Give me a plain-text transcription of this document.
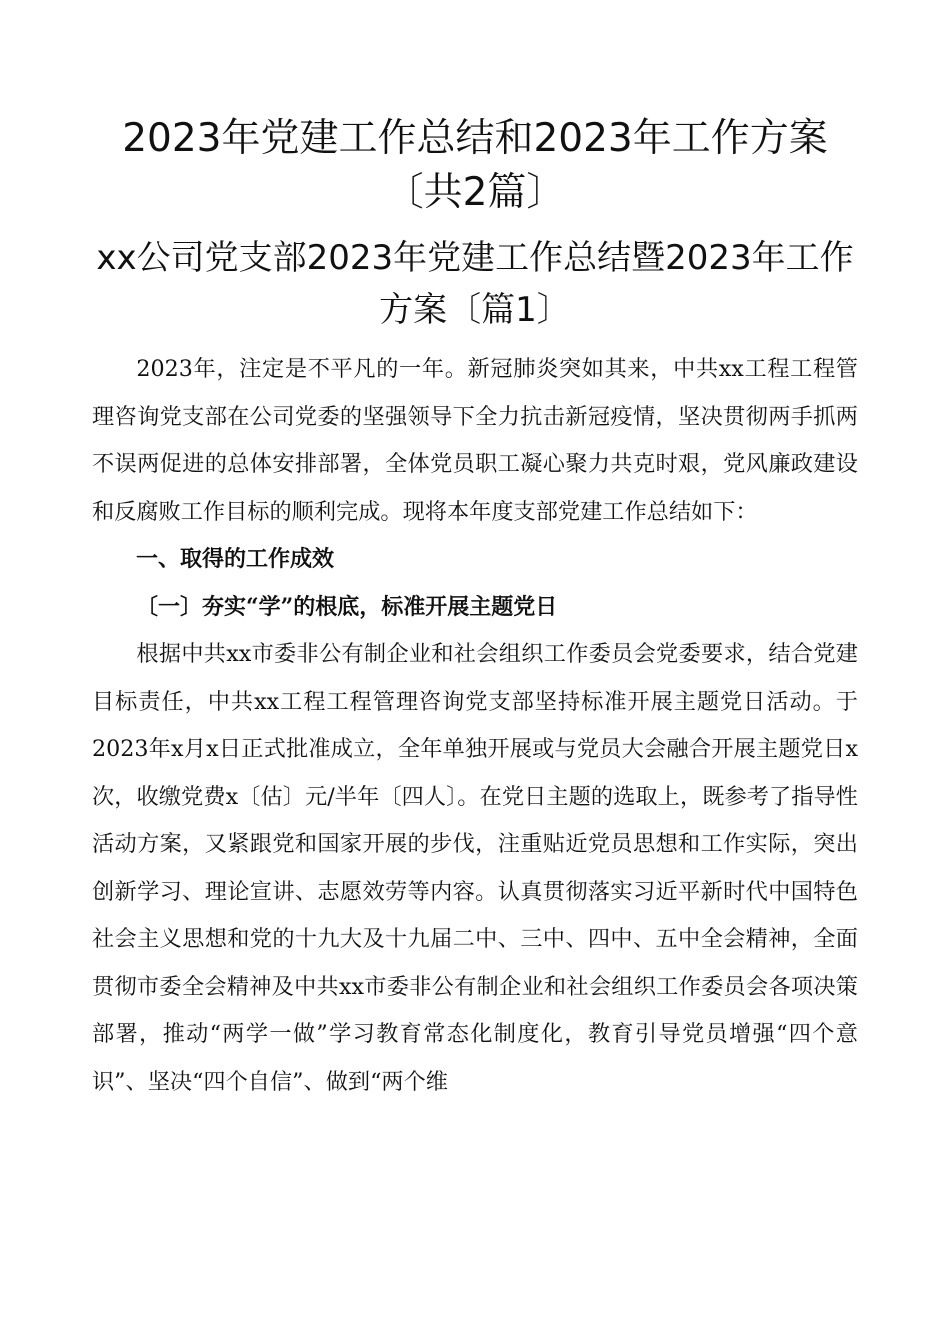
2023年党建工作总结和2023年工作方案〔共2篇〕
xx公司党支部2023年党建工作总结暨2023年工作方案〔篇1〕

2023年，注定是不平凡的一年。新冠肺炎突如其来，中共xx工程工程管理咨询党支部在公司党委的坚强领导下全力抗击新冠疫情，坚决贯彻两手抓两不误两促进的总体安排部署，全体党员职工凝心聚力共克时艰，党风廉政建设和反腐败工作目标的顺利完成。现将本年度支部党建工作总结如下：

一、取得的工作成效

〔一〕夯实“学”的根底，标准开展主题党日

根据中共xx市委非公有制企业和社会组织工作委员会党委要求，结合党建目标责任，中共xx工程工程管理咨询党支部坚持标准开展主题党日活动。于2023年x月x日正式批准成立，全年单独开展或与党员大会融合开展主题党日x次，收缴党费x〔估〕元/半年〔四人〕。在党日主题的选取上，既参考了指导性活动方案，又紧跟党和国家开展的步伐，注重贴近党员思想和工作实际，突出创新学习、理论宣讲、志愿效劳等内容。认真贯彻落实习近平新时代中国特色社会主义思想和党的十九大及十九届二中、三中、四中、五中全会精神，全面贯彻市委全会精神及中共xx市委非公有制企业和社会组织工作委员会各项决策部署，推动“两学一做”学习教育常态化制度化，教育引导党员增强“四个意识”、坚决“四个自信”、做到“两个维
